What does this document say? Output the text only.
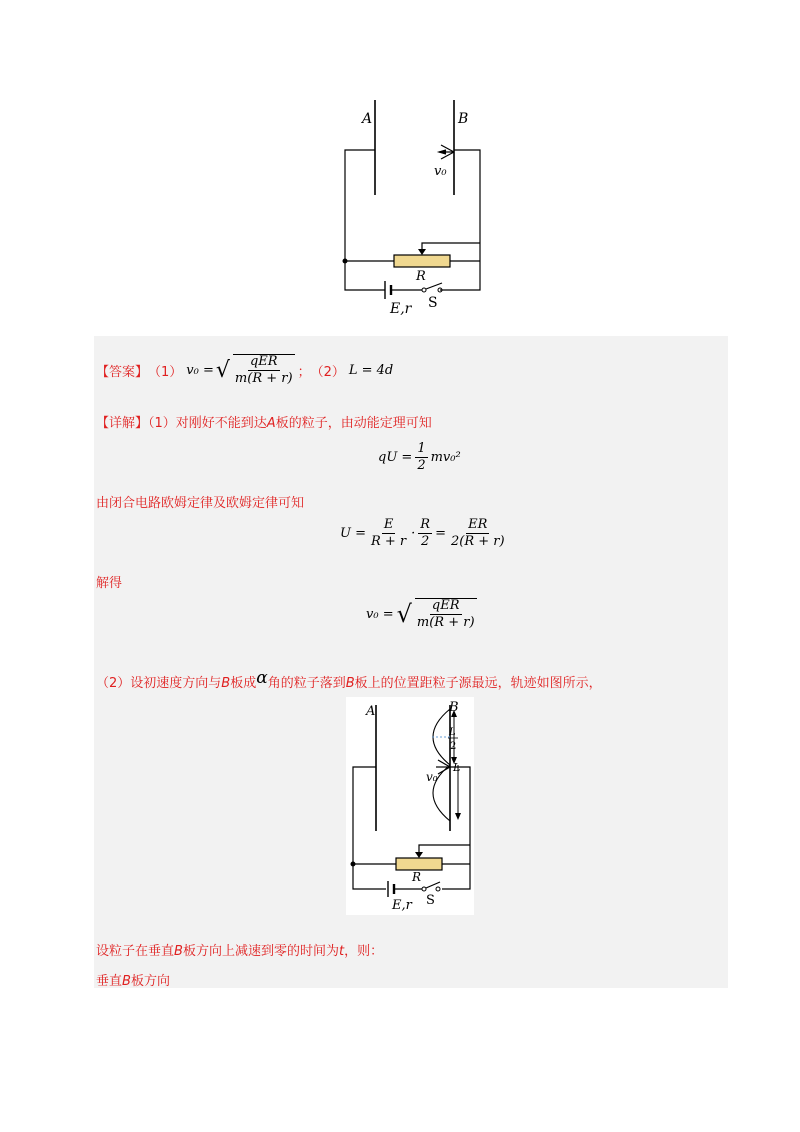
A	B
v₀
R
E,r S
【答案】 （1） v₀ = √ $\frac{\text{qER}}{m(R + r)}$ ； （2） L = 4d
【详解】（1）对刚好不能到达A板的粒子，由动能定理可知
qU = $\frac{1}{2} mv_0^2$
由闭合电路欧姆定律及欧姆定律可知
$U = \frac{E}{R + r} \cdot \frac{R}{2} = \frac{ER}{2(R + r)}$
解得
v₀ = √ $\frac{\text{qER}}{m(R + r)}$
（2）设初速度方向与B板成α角的粒子落到B板上的位置距粒子源最远，轨迹如图所示，
A	B
L
2
L
v₀
R
E,r S
设粒子在垂直B板方向上减速到零的时间为t，则：
垂直B板方向
